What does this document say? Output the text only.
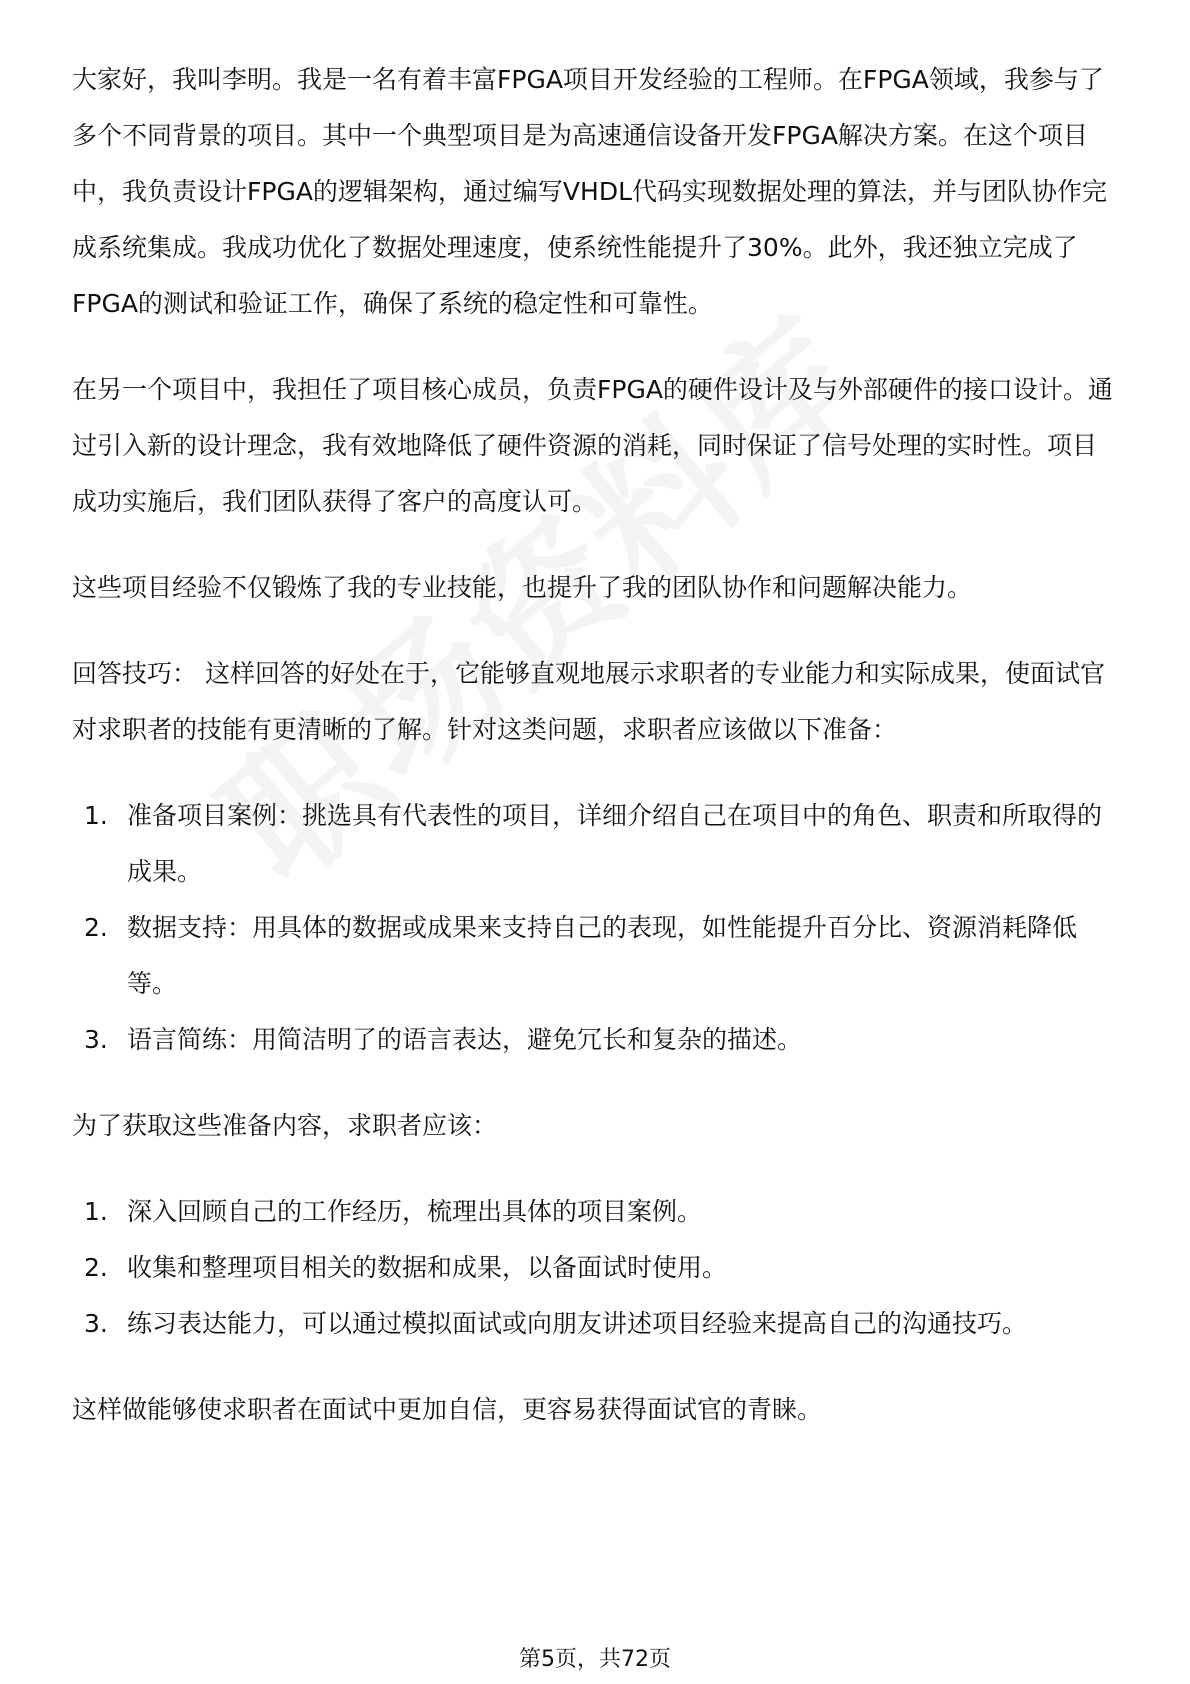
大家好，我叫李明。我是一名有着丰富FPGA项目开发经验的工程师。在FPGA领域，我参与了多个不同背景的项目。其中一个典型项目是为高速通信设备开发FPGA解决方案。在这个项目中，我负责设计FPGA的逻辑架构，通过编写VHDL代码实现数据处理的算法，并与团队协作完成系统集成。我成功优化了数据处理速度，使系统性能提升了30%。此外，我还独立完成了FPGA的测试和验证工作，确保了系统的稳定性和可靠性。

在另一个项目中，我担任了项目核心成员，负责FPGA的硬件设计及与外部硬件的接口设计。通过引入新的设计理念，我有效地降低了硬件资源的消耗，同时保证了信号处理的实时性。项目成功实施后，我们团队获得了客户的高度认可。

这些项目经验不仅锻炼了我的专业技能，也提升了我的团队协作和问题解决能力。

回答技巧： 这样回答的好处在于，它能够直观地展示求职者的专业能力和实际成果，使面试官对求职者的技能有更清晰的了解。针对这类问题，求职者应该做以下准备：

1. 准备项目案例：挑选具有代表性的项目，详细介绍自己在项目中的角色、职责和所取得的成果。
2. 数据支持：用具体的数据或成果来支持自己的表现，如性能提升百分比、资源消耗降低等。
3. 语言简练：用简洁明了的语言表达，避免冗长和复杂的描述。

为了获取这些准备内容，求职者应该：

1. 深入回顾自己的工作经历，梳理出具体的项目案例。
2. 收集和整理项目相关的数据和成果，以备面试时使用。
3. 练习表达能力，可以通过模拟面试或向朋友讲述项目经验来提高自己的沟通技巧。

这样做能够使求职者在面试中更加自信，更容易获得面试官的青睐。

第5页，共72页
